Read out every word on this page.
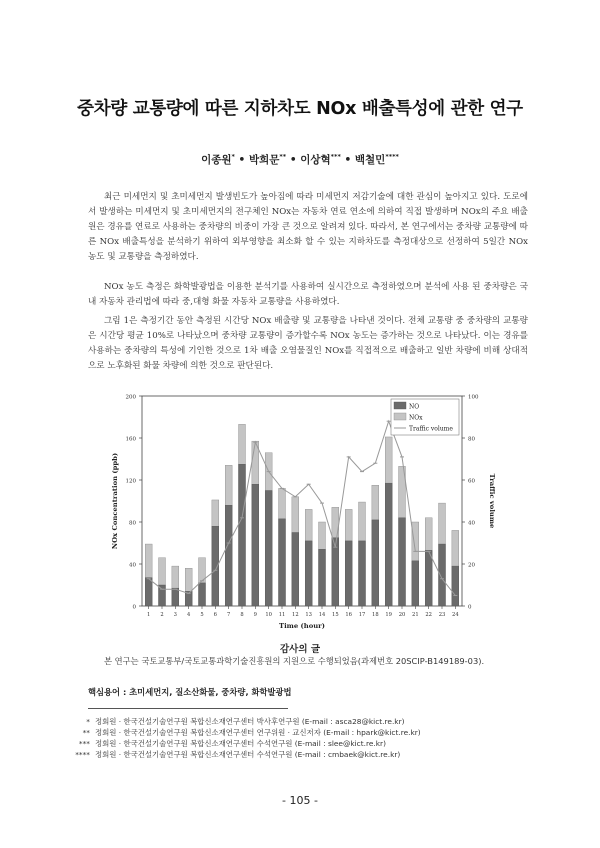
중차량 교통량에 따른 지하차도 NOx 배출특성에 관한 연구
이종원* • 박희문** • 이상혁*** • 백철민****

최근 미세먼지 및 초미세먼지 발생빈도가 높아짐에 따라 미세먼지 저감기술에 대한 관심이 높아지고 있다. 도로에서 발생하는 미세먼지 및 초미세먼지의 전구체인 NOx는 자동차 연료 연소에 의하여 직접 발생하며 NOx의 주요 배출원은 경유를 연료로 사용하는 중차량의 비중이 가장 큰 것으로 알려져 있다. 따라서, 본 연구에서는 중차량 교통량에 따른 NOx 배출특성을 분석하기 위하여 외부영향을 최소화 할 수 있는 지하차도를 측정대상으로 선정하여 5일간 NOx 농도 및 교통량을 측정하였다.

NOx 농도 측정은 화학발광법을 이용한 분석기를 사용하여 실시간으로 측정하였으며 분석에 사용 된 중차량은 국내 자동차 관리법에 따라 중,대형 화물 자동차 교통량을 사용하였다.

그림 1은 측정기간 동안 측정된 시간당 NOx 배출량 및 교통량을 나타낸 것이다. 전체 교통량 중 중차량의 교통량은 시간당 평균 10%로 나타났으며 중차량 교통량이 증가할수록 NOx 농도는 증가하는 것으로 나타났다. 이는 경유를 사용하는 중차량의 특성에 기인한 것으로 1차 배출 오염물질인 NOx를 직접적으로 배출하고 일반 차량에 비해 상대적으로 노후화된 화물 차량에 의한 것으로 판단된다.

0
40
80
120
160
200
0
20
40
60
80
100
1 2 3 4 5 6 7 8 9 10 11 12 13 14 15 16 17 18 19 20 21 22 23 24
Time (hour)
NOx Concentration (ppb)	Traffic volume
NO
NOx
Traffic volume
감사의 글
본 연구는 국토교통부/국토교통과학기술진흥원의 지원으로 수행되었음(과제번호 20SCIP-B149189-03).
핵심용어 : 초미세먼지, 질소산화물, 중차량, 화학발광법
* 정회원 · 한국건설기술연구원 복합신소재연구센터 박사후연구원 (E-mail : asca28@kict.re.kr)
** 정회원 · 한국건설기술연구원 복합신소재연구센터 연구위원 · 교신저자 (E-mail : hpark@kict.re.kr)
*** 정회원 · 한국건설기술연구원 복합신소재연구센터 수석연구원 (E-mail : slee@kict.re.kr)
**** 정회원 · 한국건설기술연구원 복합신소재연구센터 수석연구원 (E-mail : cmbaek@kict.re.kr)
- 105 -
